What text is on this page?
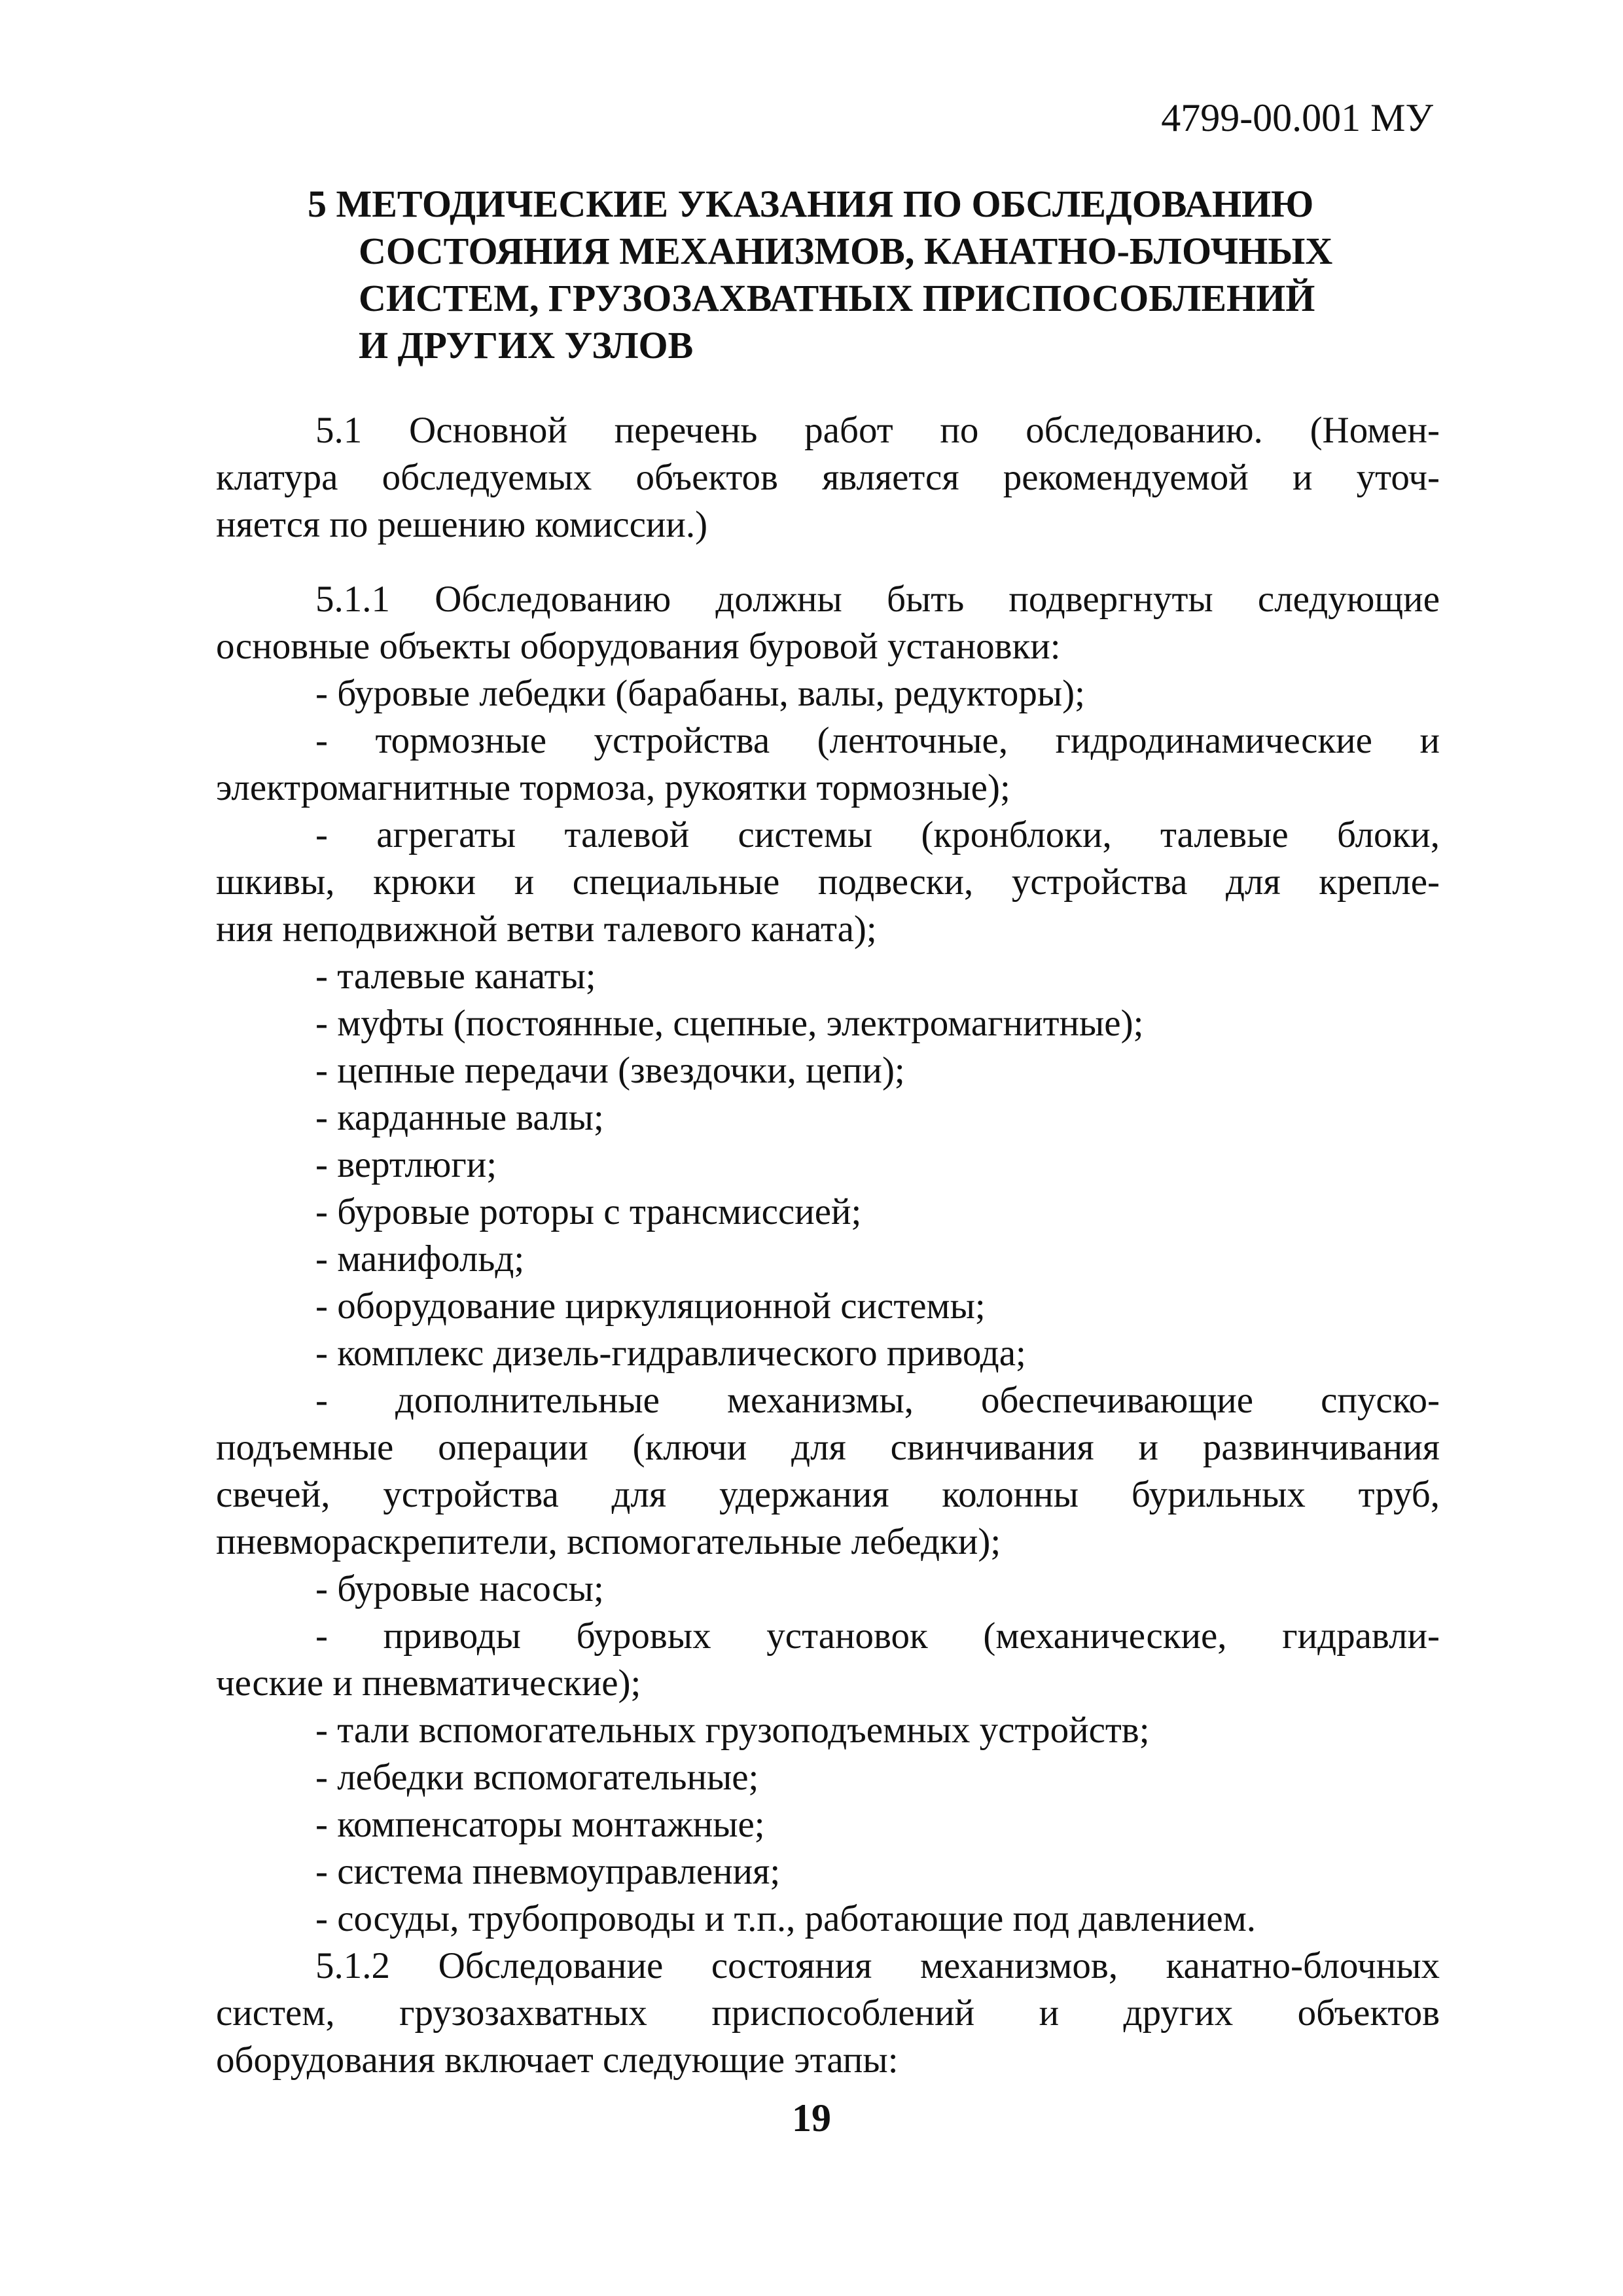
4799-00.001 МУ
5 МЕТОДИЧЕСКИЕ УКАЗАНИЯ ПО ОБСЛЕДОВАНИЮ
СОСТОЯНИЯ МЕХАНИЗМОВ, КАНАТНО-БЛОЧНЫХ
СИСТЕМ, ГРУЗОЗАХВАТНЫХ ПРИСПОСОБЛЕНИЙ
И ДРУГИХ УЗЛОВ
5.1 Основной перечень работ по обследованию. (Номен-
клатура обследуемых объектов является рекомендуемой и уточ-
няется по решению комиссии.)
5.1.1 Обследованию должны быть подвергнуты следующие
основные объекты оборудования буровой установки:
- буровые лебедки (барабаны, валы, редукторы);
- тормозные устройства (ленточные, гидродинамические и
электромагнитные тормоза, рукоятки тормозные);
- агрегаты талевой системы (кронблоки, талевые блоки,
шкивы, крюки и специальные подвески, устройства для крепле-
ния неподвижной ветви талевого каната);
- талевые канаты;
- муфты (постоянные, сцепные, электромагнитные);
- цепные передачи (звездочки, цепи);
- карданные валы;
- вертлюги;
- буровые роторы с трансмиссией;
- манифольд;
- оборудование циркуляционной системы;
- комплекс дизель-гидравлического привода;
- дополнительные механизмы, обеспечивающие спуско-
подъемные операции (ключи для свинчивания и развинчивания
свечей, устройства для удержания колонны бурильных труб,
пневмораскрепители, вспомогательные лебедки);
- буровые насосы;
- приводы буровых установок (механические, гидравли-
ческие и пневматические);
- тали вспомогательных грузоподъемных устройств;
- лебедки вспомогательные;
- компенсаторы монтажные;
- система пневмоуправления;
- сосуды, трубопроводы и т.п., работающие под давлением.
5.1.2 Обследование состояния механизмов, канатно-блочных
систем, грузозахватных приспособлений и других объектов
оборудования включает следующие этапы:
19
